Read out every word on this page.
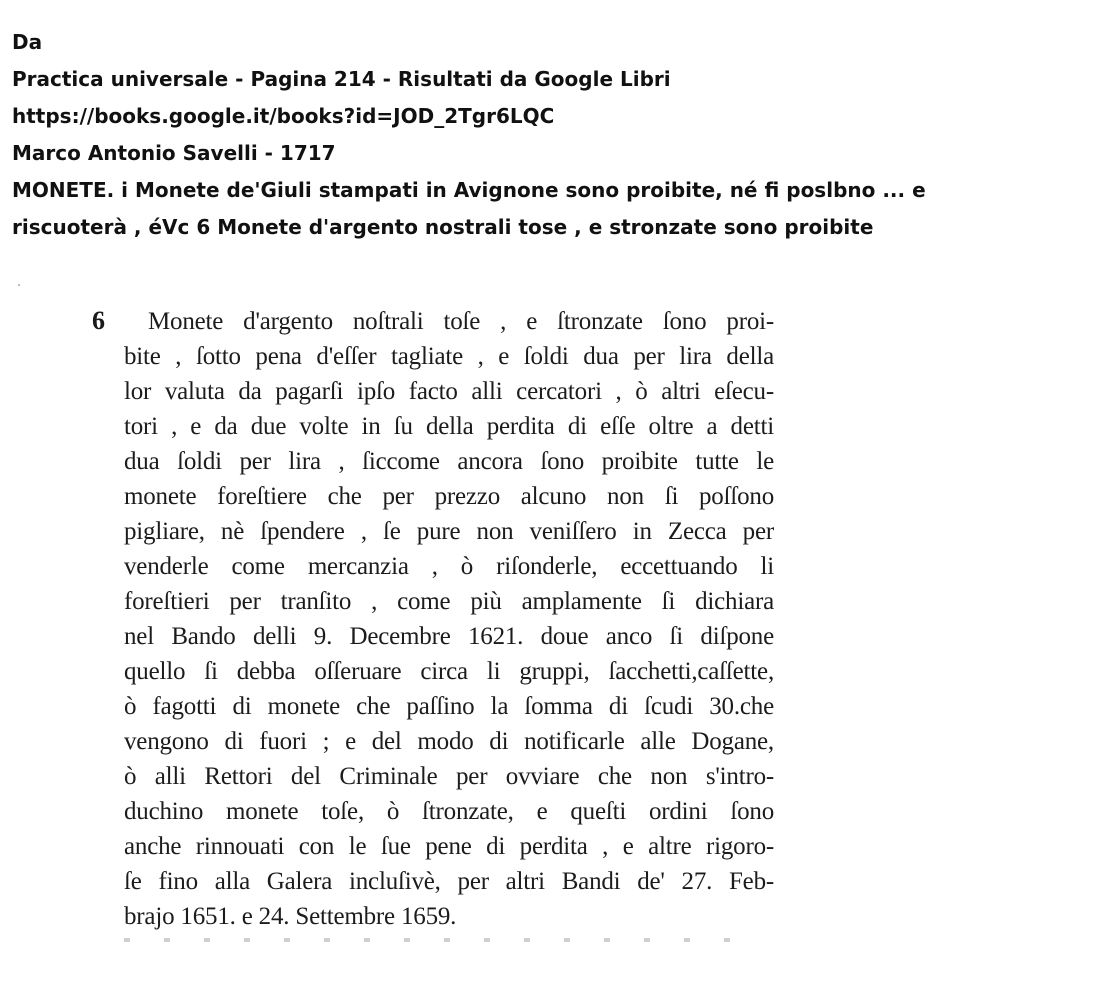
Da
Practica universale - Pagina 214 - Risultati da Google Libri
https://books.google.it/books?id=JOD_2Tgr6LQC
Marco Antonio Savelli - 1717
MONETE. i Monete de'Giuli stampati in Avignone sono proibite, né fi poslbno ... e
riscuoterà , éVc 6 Monete d'argento nostrali tose , e stronzate sono proibite
6	Monete d'argento noſtrali toſe , e ſtronzate ſono proi-
bite , ſotto pena d'eſſer tagliate , e ſoldi dua per lira della
lor valuta da pagarſi ipſo facto alli cercatori , ò altri eſecu-
tori , e da due volte in ſu della perdita di eſſe oltre a detti
dua ſoldi per lira , ſiccome ancora ſono proibite tutte le
monete foreſtiere che per prezzo alcuno non ſi poſſono
pigliare, nè ſpendere , ſe pure non veniſſero in Zecca per
venderle come mercanzia , ò riſonderle, eccettuando li
foreſtieri per tranſito , come più amplamente ſi dichiara
nel Bando delli 9. Decembre 1621. doue anco ſi diſpone
quello ſi debba oſſeruare circa li gruppi, ſacchetti,caſſette,
ò fagotti di monete che paſſino la ſomma di ſcudi 30.che
vengono di fuori ; e del modo di notificarle alle Dogane,
ò alli Rettori del Criminale per ovviare che non s'intro-
duchino monete toſe, ò ſtronzate, e queſti ordini ſono
anche rinnouati con le ſue pene di perdita , e altre rigoro-
ſe fino alla Galera incluſivè, per altri Bandi de' 27. Feb-
brajo 1651. e 24. Settembre 1659.
